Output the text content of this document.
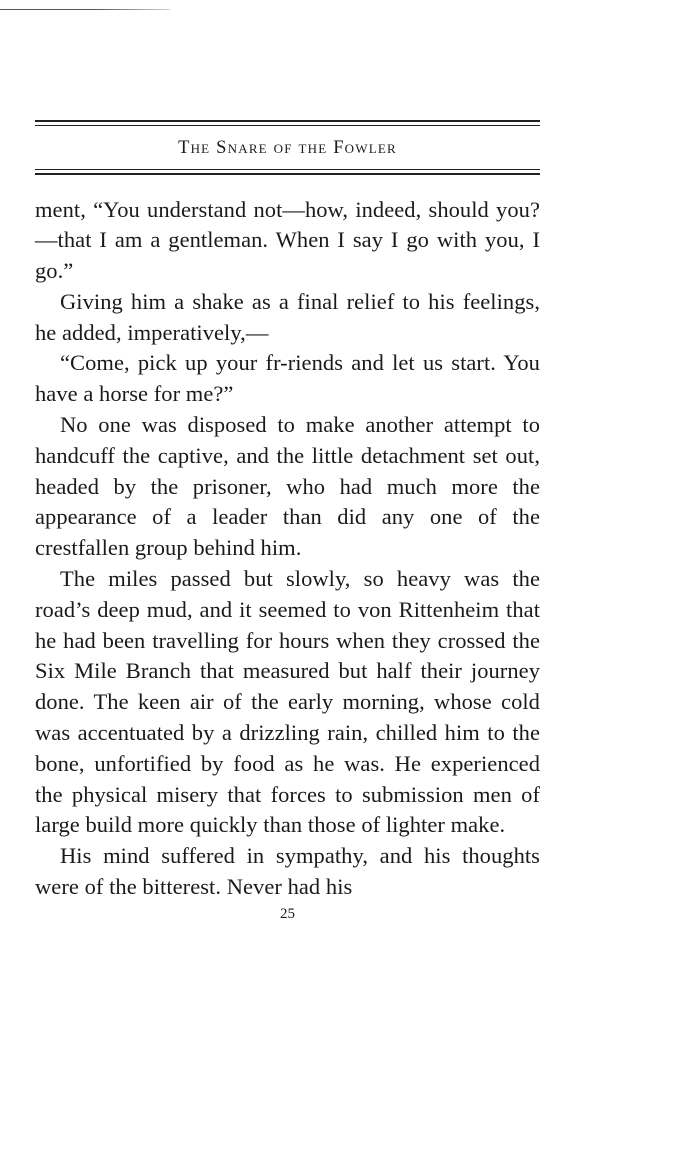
The Snare of the Fowler

ment, “You understand not—how, indeed, should you?—that I am a gentleman. When I say I go with you, I go.”

Giving him a shake as a final relief to his feelings, he added, imperatively,—

“Come, pick up your fr-riends and let us start. You have a horse for me?”

No one was disposed to make another attempt to handcuff the captive, and the little detachment set out, headed by the prisoner, who had much more the appearance of a leader than did any one of the crestfallen group behind him.

The miles passed but slowly, so heavy was the road’s deep mud, and it seemed to von Rittenheim that he had been travelling for hours when they crossed the Six Mile Branch that measured but half their journey done. The keen air of the early morning, whose cold was accentuated by a drizzling rain, chilled him to the bone, unfortified by food as he was. He experienced the physical misery that forces to submission men of large build more quickly than those of lighter make.

His mind suffered in sympathy, and his thoughts were of the bitterest. Never had his

25
